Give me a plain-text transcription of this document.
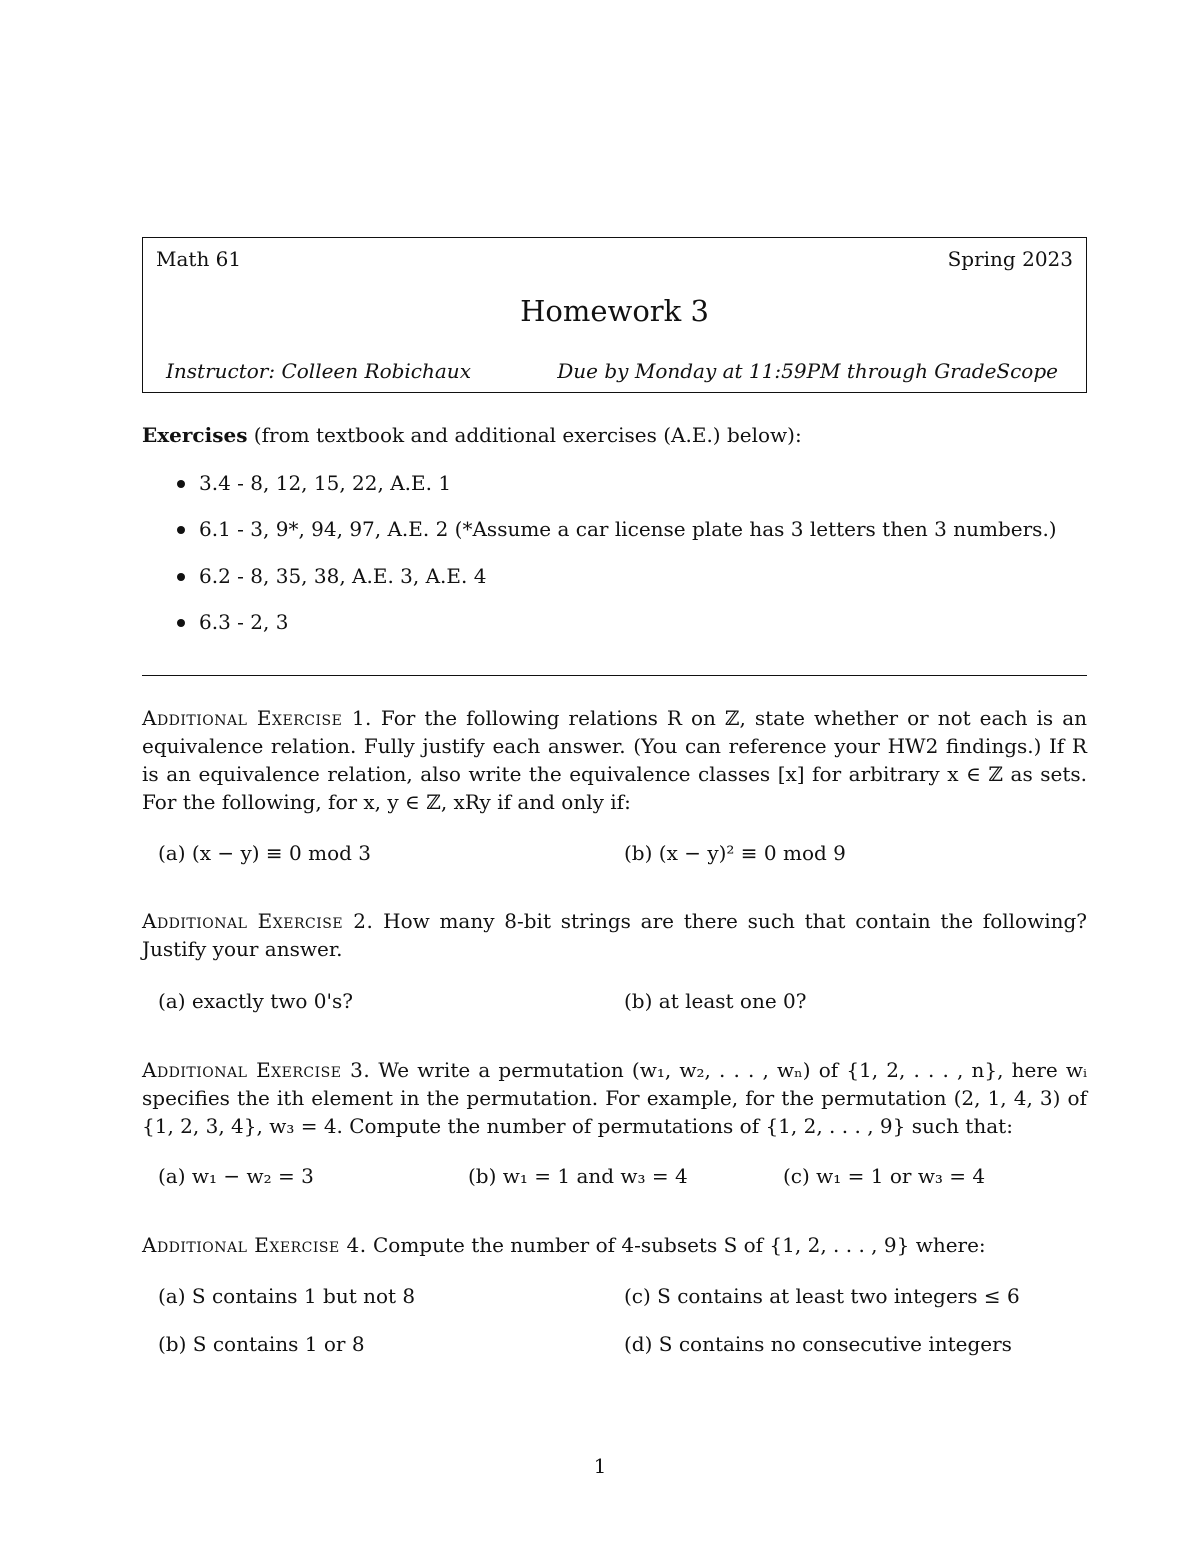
Math 61	Spring 2023
Homework 3
Instructor: Colleen Robichaux	Due by Monday at 11:59PM through GradeScope
Exercises (from textbook and additional exercises (A.E.) below):
3.4 - 8, 12, 15, 22, A.E. 1
6.1 - 3, 9*, 94, 97, A.E. 2 (*Assume a car license plate has 3 letters then 3 numbers.)
6.2 - 8, 35, 38, A.E. 3, A.E. 4
6.3 - 2, 3
Additional Exercise 1. For the following relations R on ℤ, state whether or not each is an equivalence relation. Fully justify each answer. (You can reference your HW2 findings.) If R is an equivalence relation, also write the equivalence classes [x] for arbitrary x ∈ ℤ as sets. For the following, for x, y ∈ ℤ, xRy if and only if:
(a) (x − y) ≡ 0 mod 3	(b) (x − y)² ≡ 0 mod 9
Additional Exercise 2. How many 8-bit strings are there such that contain the following? Justify your answer.
(a) exactly two 0's?	(b) at least one 0?
Additional Exercise 3. We write a permutation (w₁, w₂, . . . , wₙ) of {1, 2, . . . , n}, here wᵢ specifies the ith element in the permutation. For example, for the permutation (2, 1, 4, 3) of {1, 2, 3, 4}, w₃ = 4. Compute the number of permutations of {1, 2, . . . , 9} such that:
(a) w₁ − w₂ = 3	(b) w₁ = 1 and w₃ = 4	(c) w₁ = 1 or w₃ = 4
Additional Exercise 4. Compute the number of 4-subsets S of {1, 2, . . . , 9} where:
(a) S contains 1 but not 8	(c) S contains at least two integers ≤ 6
(b) S contains 1 or 8	(d) S contains no consecutive integers
1
